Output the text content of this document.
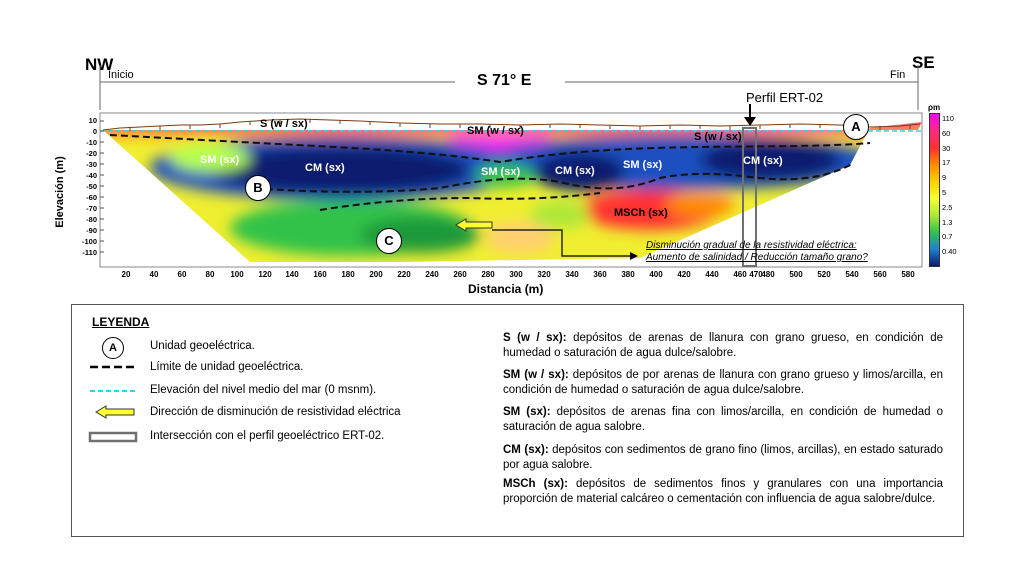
NW	SE
Inicio	Fin
S 71° E
Perfil ERT-02
Elevación (m)
10
0
-10
-20
-30
-40
-50
-60
-70
-80
-90
-100
-110
20	40	60	80	100 120 140 160 180 200 220 240 260 280 300 320 340 360 380 400 420 440 460 470
480 500 520 540 560 580
Distancia (m)
S (w / sx)
SM (w / sx)	S (w / sx)
SM (sx)
CM (sx)	SM (sx)	CM (sx)	SM (sx)	CM (sx)
MSCh (sx)
A
B
C	Disminución gradual de la resistividad eléctrica:
Aumento de salinidad / Reducción tamaño grano?
ρm
110
60
30
17
9
5
2.5
1.3
0.7
0.40
LEYENDA
A	Unidad geoeléctrica.
Límite de unidad geoeléctrica.
Elevación del nivel medio del mar (0 msnm).
Dirección de disminución de resistividad eléctrica
Intersección con el perfil geoeléctrico ERT-02.
S (w / sx): depósitos de arenas de llanura con grano grueso, en condición de humedad o saturación de agua dulce/salobre.
SM (w / sx): depósitos de por arenas de llanura con grano grueso y limos/arcilla, en condición de humedad o saturación de agua dulce/salobre.
SM (sx): depósitos de arenas fina con limos/arcilla, en condición de humedad o saturación de agua salobre.
CM (sx): depósitos con sedimentos de grano fino (limos, arcillas), en estado saturado por agua salobre.
MSCh (sx): depósitos de sedimentos finos y granulares con una importancia proporción de material calcáreo o cementación con influencia de agua salobre/dulce.
